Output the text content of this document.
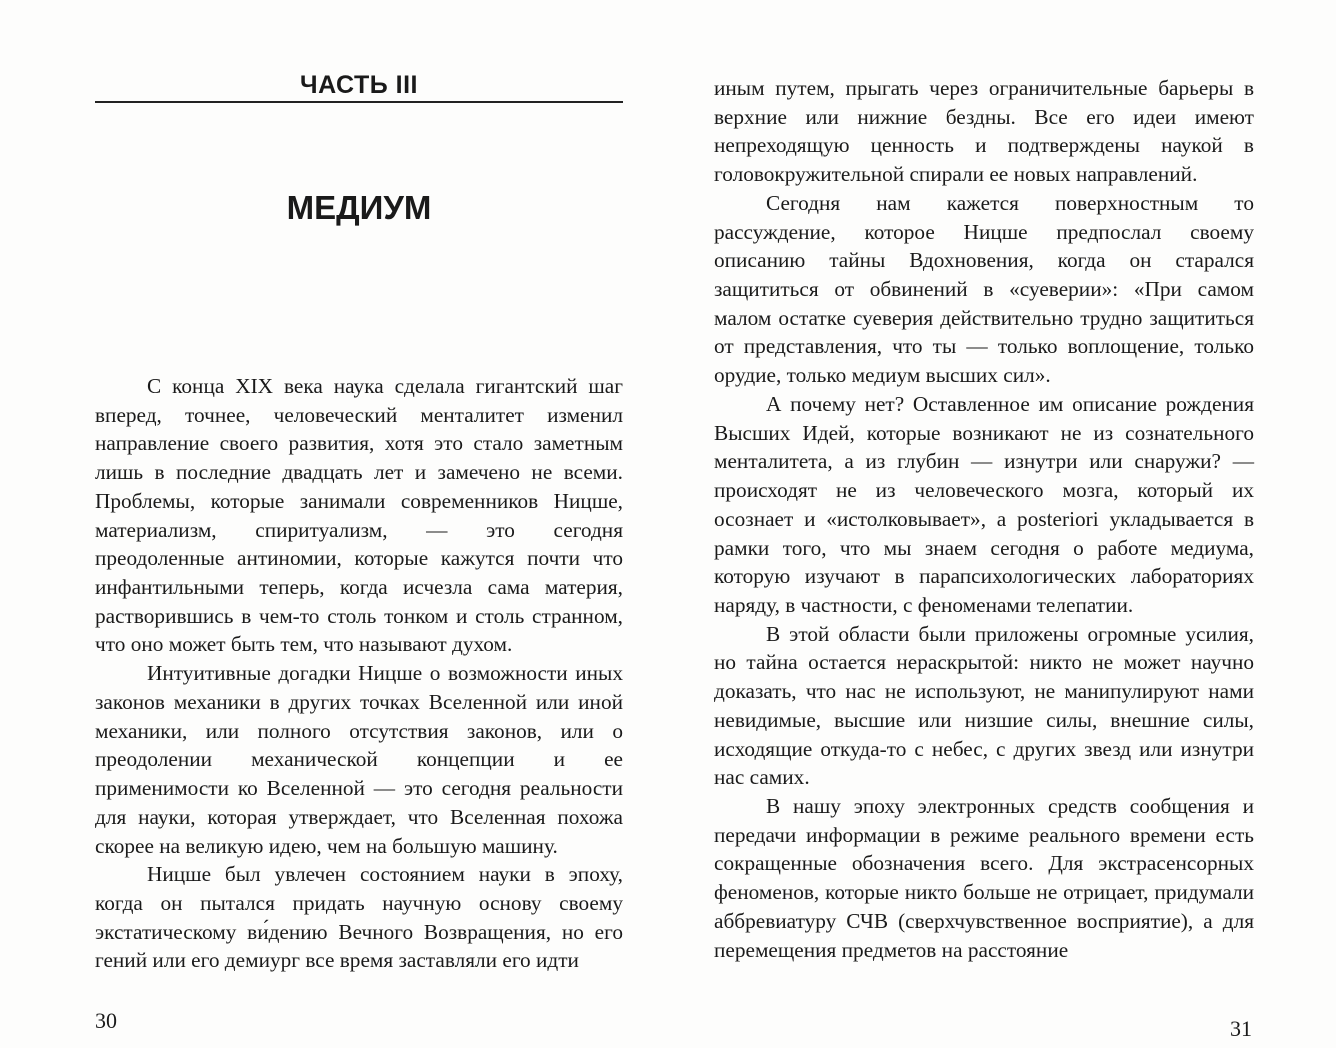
ЧАСТЬ III
МЕДИУМ

С конца XIX века наука сделала гигантский шаг вперед, точнее, человеческий менталитет изменил направление своего развития, хотя это стало заметным лишь в последние двадцать лет и замечено не всеми. Проблемы, которые занимали современников Ницше, материализм, спиритуализм, — это сегодня преодоленные антиномии, которые кажутся почти что инфантильными теперь, когда исчезла сама материя, растворившись в чем-то столь тонком и столь странном, что оно может быть тем, что называют духом.

Интуитивные догадки Ницше о возможности иных законов механики в других точках Вселенной или иной механики, или полного отсутствия законов, или о преодолении механической концепции и ее применимости ко Вселенной — это сегодня реальности для науки, которая утверждает, что Вселенная похожа скорее на великую идею, чем на большую машину.

Ницше был увлечен состоянием науки в эпоху, когда он пытался придать научную основу своему экстатическому ви́дению Вечного Возвращения, но его гений или его демиург все время заставляли его идти

30

иным путем, прыгать через ограничительные барьеры в верхние или нижние бездны. Все его идеи имеют непреходящую ценность и подтверждены наукой в головокружительной спирали ее новых направлений.

Сегодня нам кажется поверхностным то рассуждение, которое Ницше предпослал своему описанию тайны Вдохновения, когда он старался защититься от обвинений в «суеверии»: «При самом малом остатке суеверия действительно трудно защититься от представления, что ты — только воплощение, только орудие, только медиум высших сил».

А почему нет? Оставленное им описание рождения Высших Идей, которые возникают не из сознательного менталитета, а из глубин — изнутри или снаружи? — происходят не из человеческого мозга, который их осознает и «истолковывает», а posteriori укладывается в рамки того, что мы знаем сегодня о работе медиума, которую изучают в парапсихологических лабораториях наряду, в частности, с феноменами телепатии.

В этой области были приложены огромные усилия, но тайна остается нераскрытой: никто не может научно доказать, что нас не используют, не манипулируют нами невидимые, высшие или низшие силы, внешние силы, исходящие откуда-то с небес, с других звезд или изнутри нас самих.

В нашу эпоху электронных средств сообщения и передачи информации в режиме реального времени есть сокращенные обозначения всего. Для экстрасенсорных феноменов, которые никто больше не отрицает, придумали аббревиатуру СЧВ (сверхчувственное восприятие), а для перемещения предметов на расстояние

31
